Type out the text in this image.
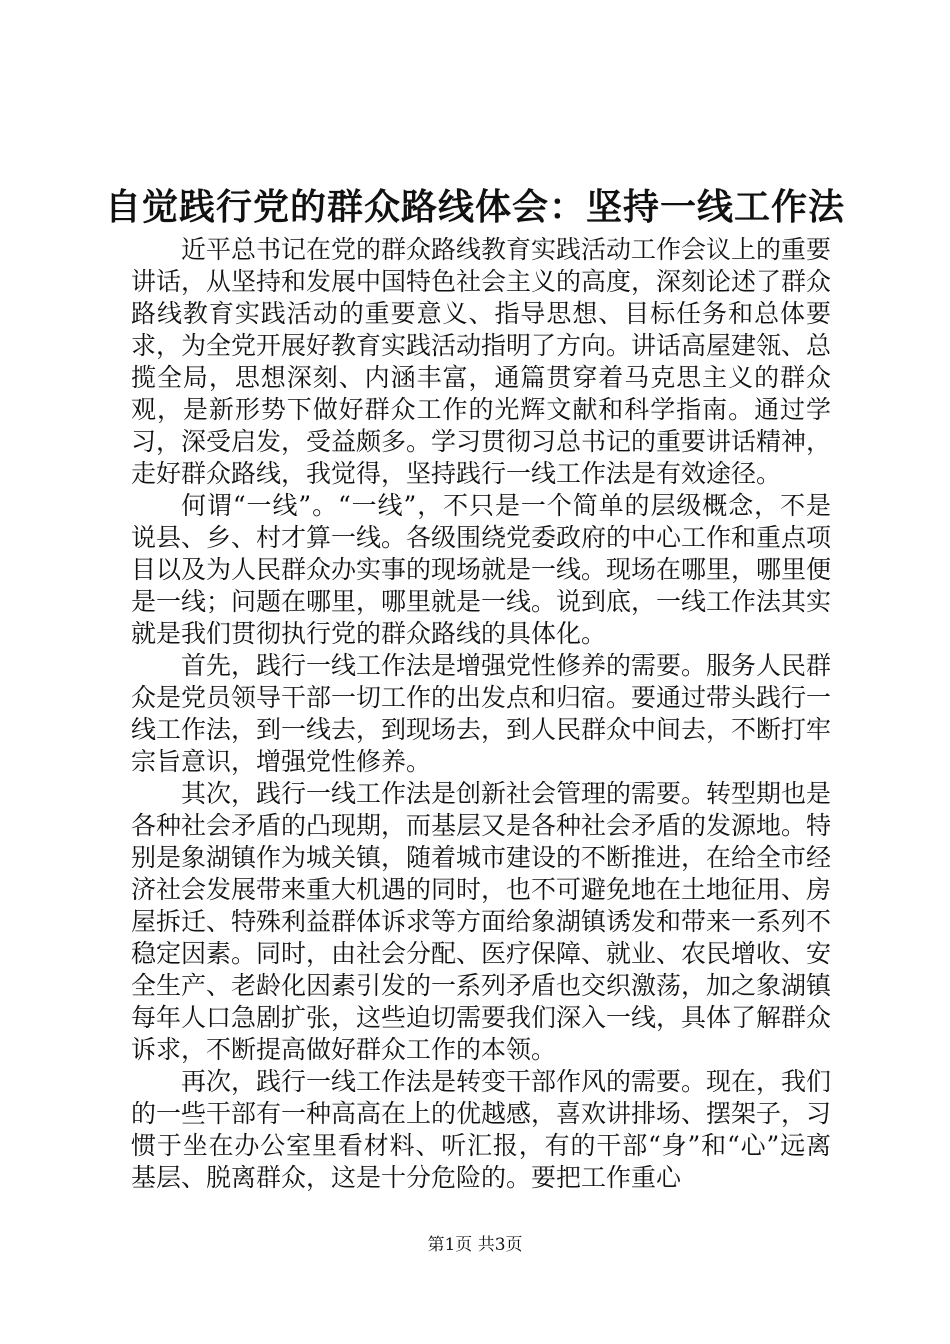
自觉践行党的群众路线体会：坚持一线工作法

近平总书记在党的群众路线教育实践活动工作会议上的重要讲话，从坚持和发展中国特色社会主义的高度，深刻论述了群众路线教育实践活动的重要意义、指导思想、目标任务和总体要求，为全党开展好教育实践活动指明了方向。讲话高屋建瓴、总揽全局，思想深刻、内涵丰富，通篇贯穿着马克思主义的群众观，是新形势下做好群众工作的光辉文献和科学指南。通过学习，深受启发，受益颇多。学习贯彻习总书记的重要讲话精神，走好群众路线，我觉得，坚持践行一线工作法是有效途径。

何谓“一线”。“一线”，不只是一个简单的层级概念，不是说县、乡、村才算一线。各级围绕党委政府的中心工作和重点项目以及为人民群众办实事的现场就是一线。现场在哪里，哪里便是一线；问题在哪里，哪里就是一线。说到底，一线工作法其实就是我们贯彻执行党的群众路线的具体化。

首先，践行一线工作法是增强党性修养的需要。服务人民群众是党员领导干部一切工作的出发点和归宿。要通过带头践行一线工作法，到一线去，到现场去，到人民群众中间去，不断打牢宗旨意识，增强党性修养。

其次，践行一线工作法是创新社会管理的需要。转型期也是各种社会矛盾的凸现期，而基层又是各种社会矛盾的发源地。特别是象湖镇作为城关镇，随着城市建设的不断推进，在给全市经济社会发展带来重大机遇的同时，也不可避免地在土地征用、房屋拆迁、特殊利益群体诉求等方面给象湖镇诱发和带来一系列不稳定因素。同时，由社会分配、医疗保障、就业、农民增收、安全生产、老龄化因素引发的一系列矛盾也交织激荡，加之象湖镇每年人口急剧扩张，这些迫切需要我们深入一线，具体了解群众诉求，不断提高做好群众工作的本领。

再次，践行一线工作法是转变干部作风的需要。现在，我们的一些干部有一种高高在上的优越感，喜欢讲排场、摆架子，习惯于坐在办公室里看材料、听汇报，有的干部“身”和“心”远离基层、脱离群众，这是十分危险的。要把工作重心

第1页 共3页
